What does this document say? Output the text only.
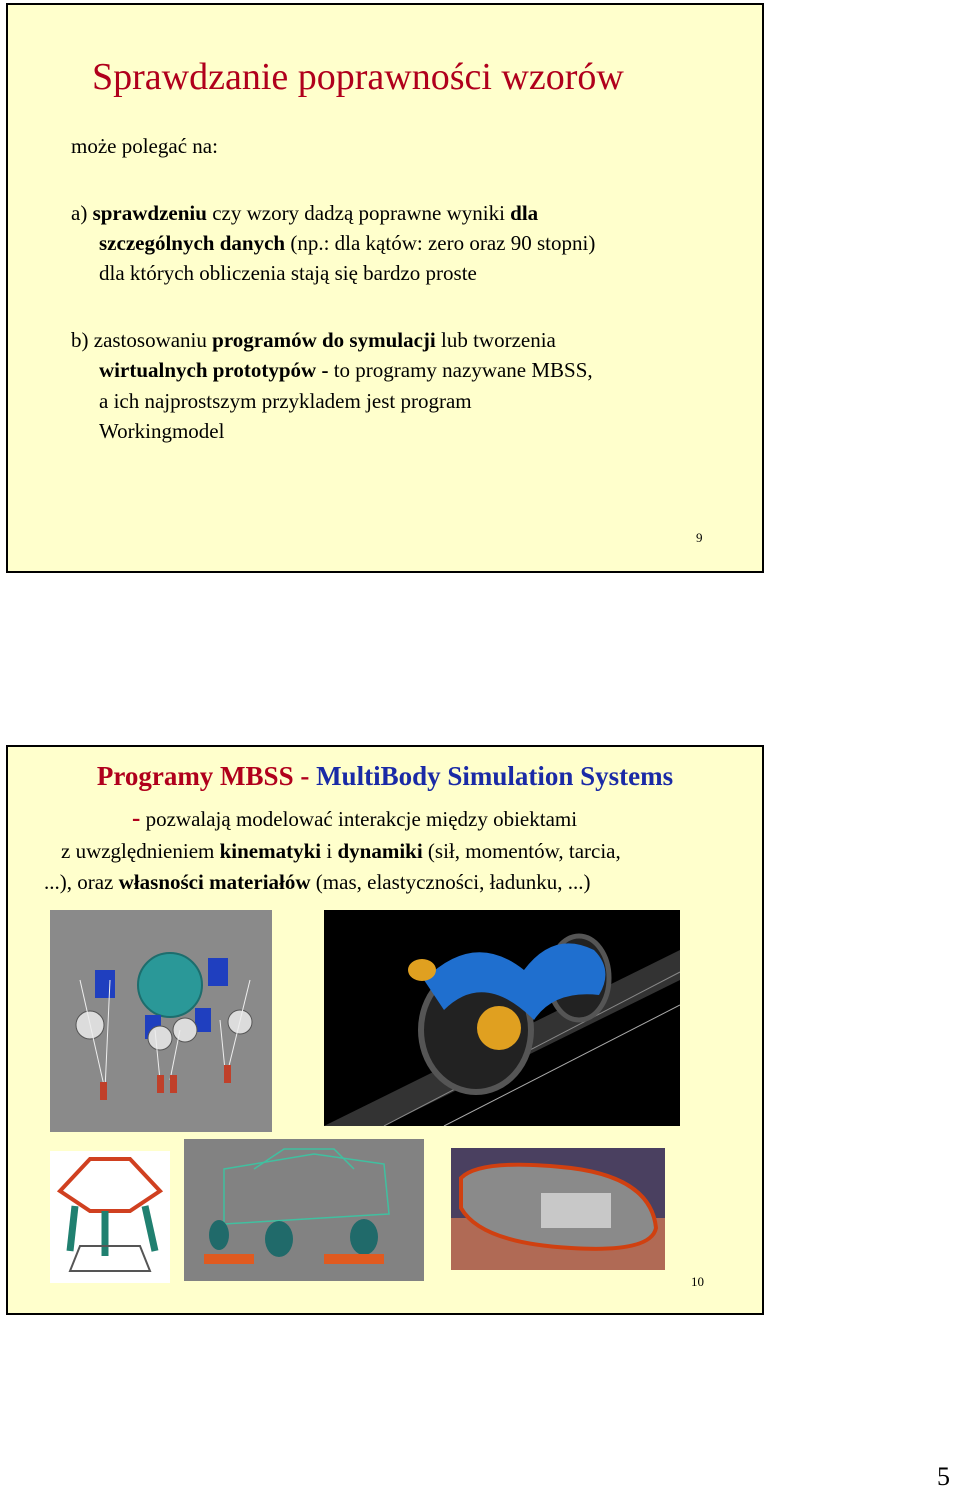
Sprawdzanie poprawności wzorów
może polegać na:
a) sprawdzeniu czy wzory dadzą poprawne wyniki dla
szczególnych danych (np.: dla kątów: zero oraz 90 stopni)
dla których obliczenia stają się bardzo proste
b) zastosowaniu programów do symulacji lub tworzenia
wirtualnych prototypów - to programy nazywane MBSS,
a ich najprostszym przykladem jest program
Workingmodel
9
Programy MBSS - MultiBody Simulation Systems
- pozwalają modelować interakcje między obiektami
z uwzględnieniem kinematyki i dynamiki (sił, momentów, tarcia,
...), oraz własności materiałów (mas, elastyczności, ładunku, ...)
10
5
